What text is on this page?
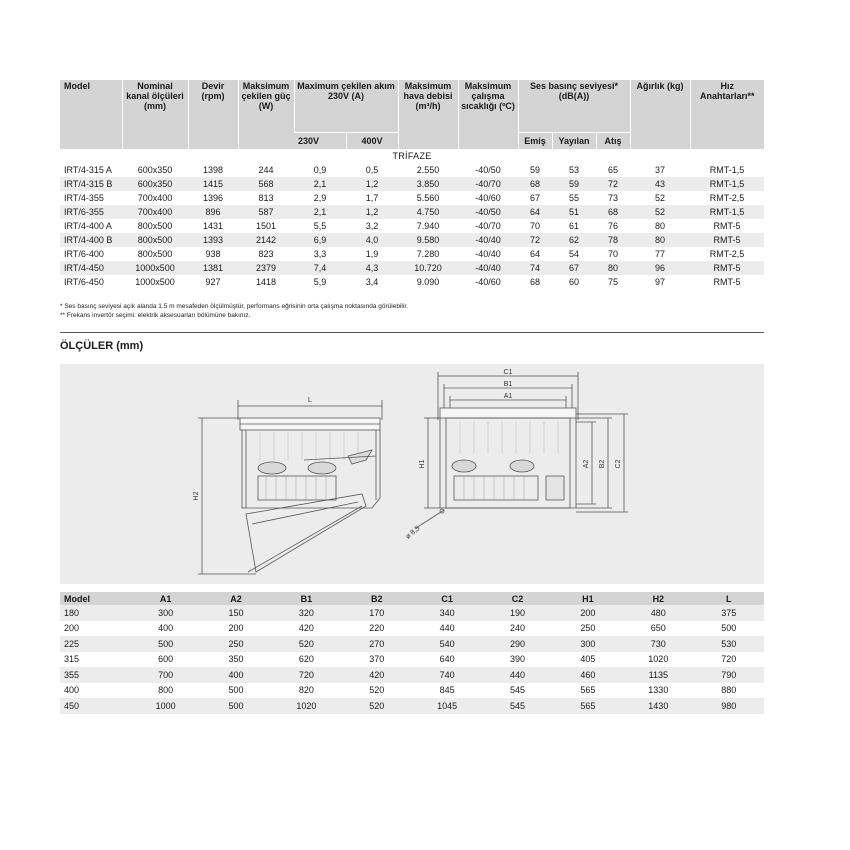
Model	Nominal kanal ölçüleri (mm)	Devir (rpm)	Maksimum çekilen güç (W)	Maximum çekilen akım 230V (A)		Maksimum hava debisi (m³/h)	Maksimum çalışma sıcaklığı (ºC)	Ses basınç seviyesi* (dB(A))			Ağırlık (kg)	Hız Anahtarları**
				230V	400V			Emiş	Yayılan	Atış		
TRİFAZE												
IRT/4-315 A	600x350	1398	244	0,9	0,5	2.550	-40/50	59	53	65	37	RMT-1,5
IRT/4-315 B	600x350	1415	568	2,1	1,2	3.850	-40/70	68	59	72	43	RMT-1,5
IRT/4-355	700x400	1396	813	2,9	1,7	5.560	-40/60	67	55	73	52	RMT-2,5
IRT/6-355	700x400	896	587	2,1	1,2	4.750	-40/50	64	51	68	52	RMT-1,5
IRT/4-400 A	800x500	1431	1501	5,5	3,2	7.940	-40/70	70	61	76	80	RMT-5
IRT/4-400 B	800x500	1393	2142	6,9	4,0	9.580	-40/40	72	62	78	80	RMT-5
IRT/6-400	800x500	938	823	3,3	1,9	7.280	-40/40	64	54	70	77	RMT-2,5
IRT/4-450	1000x500	1381	2379	7,4	4,3	10.720	-40/40	74	67	80	96	RMT-5
IRT/6-450	1000x500	927	1418	5,9	3,4	9.090	-40/60	68	60	75	97	RMT-5
* Ses basınç seviyesi açık alanda 1.5 m mesafeden ölçülmüştür, performans eğrisinin orta çalışma noktasında görülebilir.
** Frekans invertör seçimi: elektrik aksesuarları bölümüne bakınız.
ÖLÇÜLER (mm)
L
H2
C1
B1
A1
H1	A2 B2 C2
ø 8,5
Model	A1	A2	B1	B2	C1	C2	H1	H2	L
180	300	150	320	170	340	190	200	480	375
200	400	200	420	220	440	240	250	650	500
225	500	250	520	270	540	290	300	730	530
315	600	350	620	370	640	390	405	1020	720
355	700	400	720	420	740	440	460	1135	790
400	800	500	820	520	845	545	565	1330	880
450	1000	500	1020	520	1045	545	565	1430	980
